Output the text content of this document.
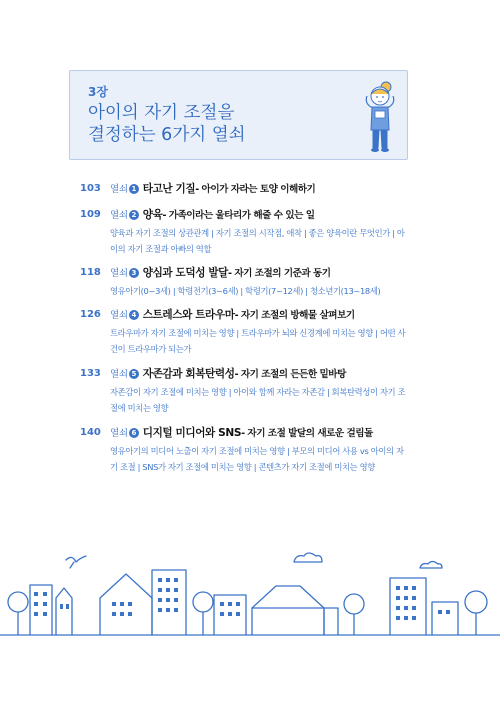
3장
아이의 자기 조절을
결정하는 6가지 열쇠
103 열쇠 1 타고난 기질 - 아이가 자라는 토양 이해하기
109 열쇠 2 양육 - 가족이라는 울타리가 해줄 수 있는 일
양육과 자기 조절의 상관관계 | 자기 조절의 시작점, 애착 | 좋은 양육이란 무엇인가 | 아이의 자기 조절과 아빠의 역할
118 열쇠 3 양심과 도덕성 발달 - 자기 조절의 기준과 동기
영유아기(0~3세) | 학령전기(3~6세) | 학령기(7~12세) | 청소년기(13~18세)
126 열쇠 4 스트레스와 트라우마 - 자기 조절의 방해물 살펴보기
트라우마가 자기 조절에 미치는 영향 | 트라우마가 뇌와 신경계에 미치는 영향 | 어떤 사건이 트라우마가 되는가
133 열쇠 5 자존감과 회복탄력성 - 자기 조절의 든든한 밑바탕
자존감이 자기 조절에 미치는 영향 | 아이와 함께 자라는 자존감 | 회복탄력성이 자기 조절에 미치는 영향
140 열쇠 6 디지털 미디어와 SNS - 자기 조절 발달의 새로운 걸림돌
영유아기의 미디어 노출이 자기 조절에 미치는 영향 | 부모의 미디어 사용 vs 아이의 자기 조절 | SNS가 자기 조절에 미치는 영향 | 콘텐츠가 자기 조절에 미치는 영향
